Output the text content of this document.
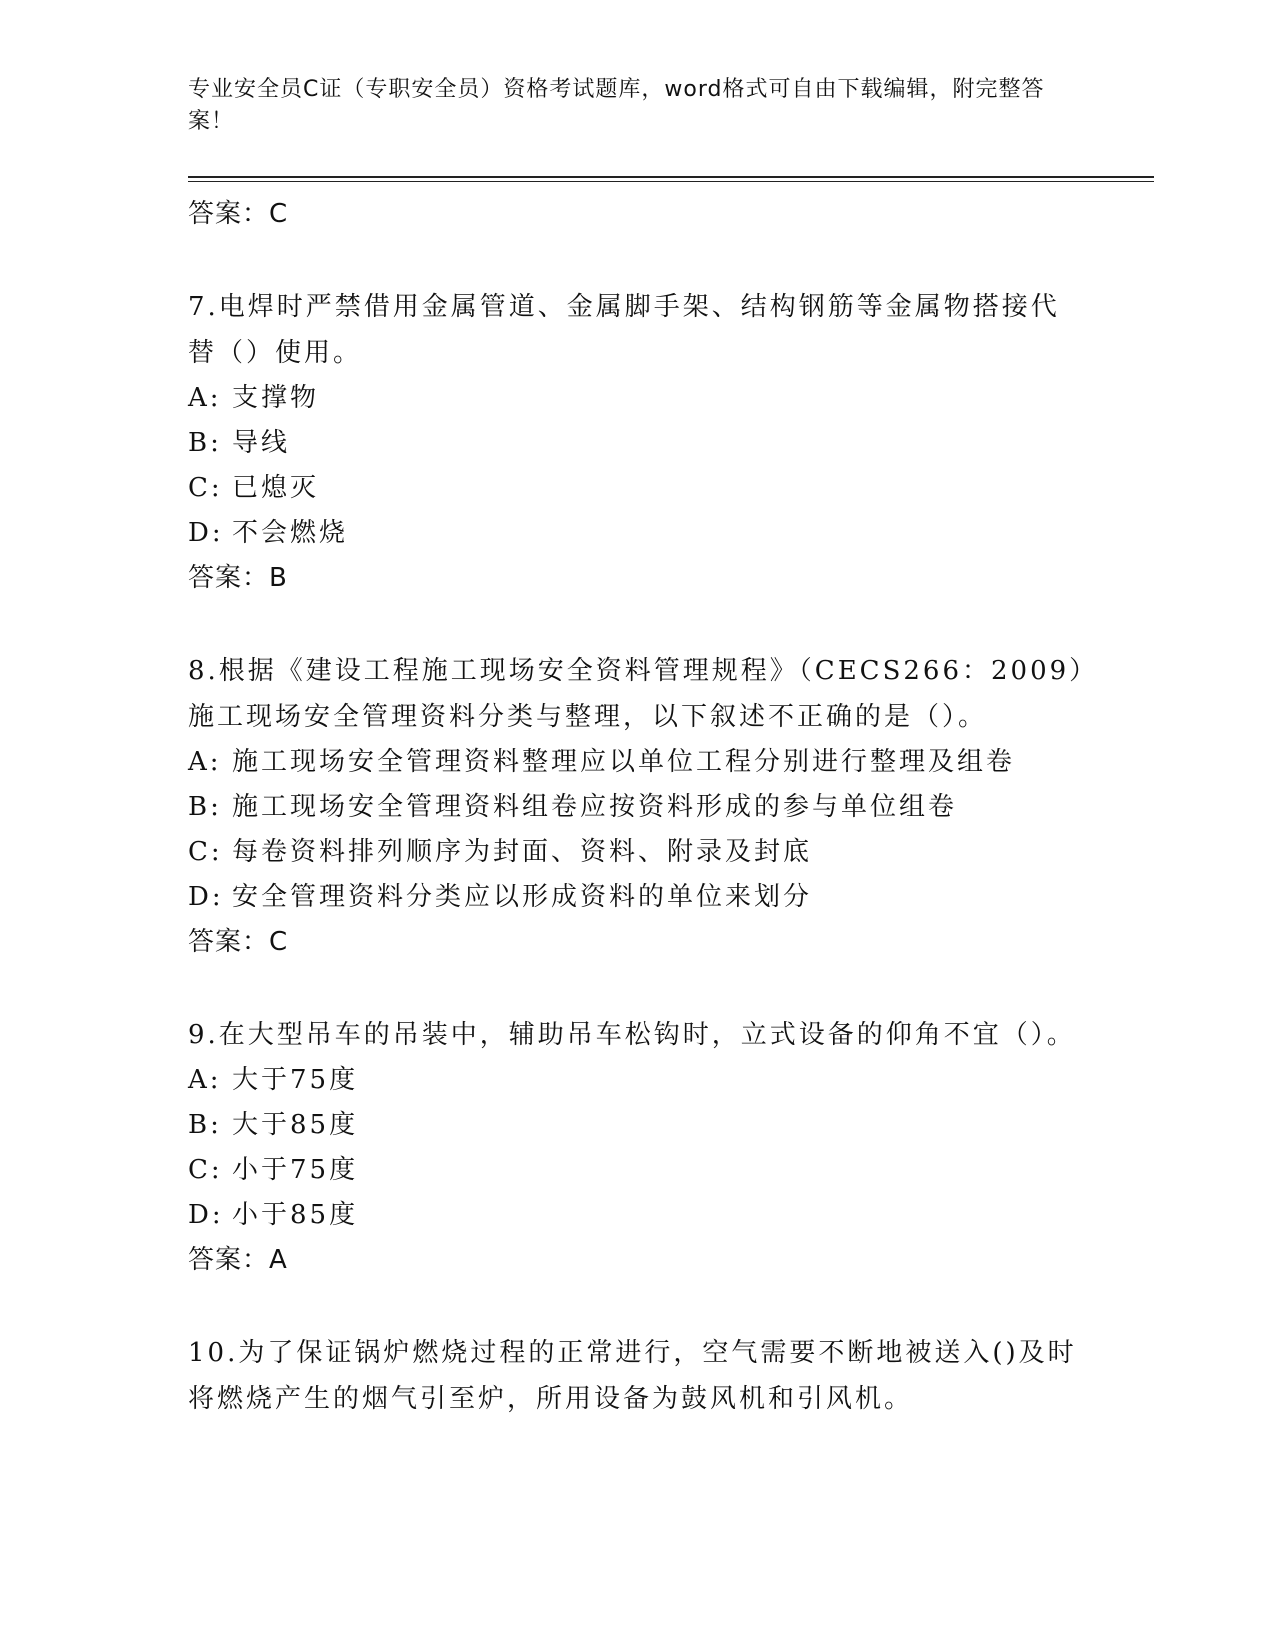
专业安全员C证（专职安全员）资格考试题库，word格式可自由下载编辑，附完整答案！

答案：C

7.电焊时严禁借用金属管道、金属脚手架、结构钢筋等金属物搭接代替（）使用。

A: 支撑物

B: 导线

C: 已熄灭

D: 不会燃烧

答案：B

8.根据《建设工程施工现场安全资料管理规程》（CECS266：2009）施工现场安全管理资料分类与整理，以下叙述不正确的是（）。

A: 施工现场安全管理资料整理应以单位工程分别进行整理及组卷

B: 施工现场安全管理资料组卷应按资料形成的参与单位组卷

C: 每卷资料排列顺序为封面、资料、附录及封底

D: 安全管理资料分类应以形成资料的单位来划分

答案：C

9.在大型吊车的吊装中，辅助吊车松钩时，立式设备的仰角不宜（）。

A: 大于75度

B: 大于85度

C: 小于75度

D: 小于85度

答案：A

10.为了保证锅炉燃烧过程的正常进行，空气需要不断地被送入()及时将燃烧产生的烟气引至炉，所用设备为鼓风机和引风机。
